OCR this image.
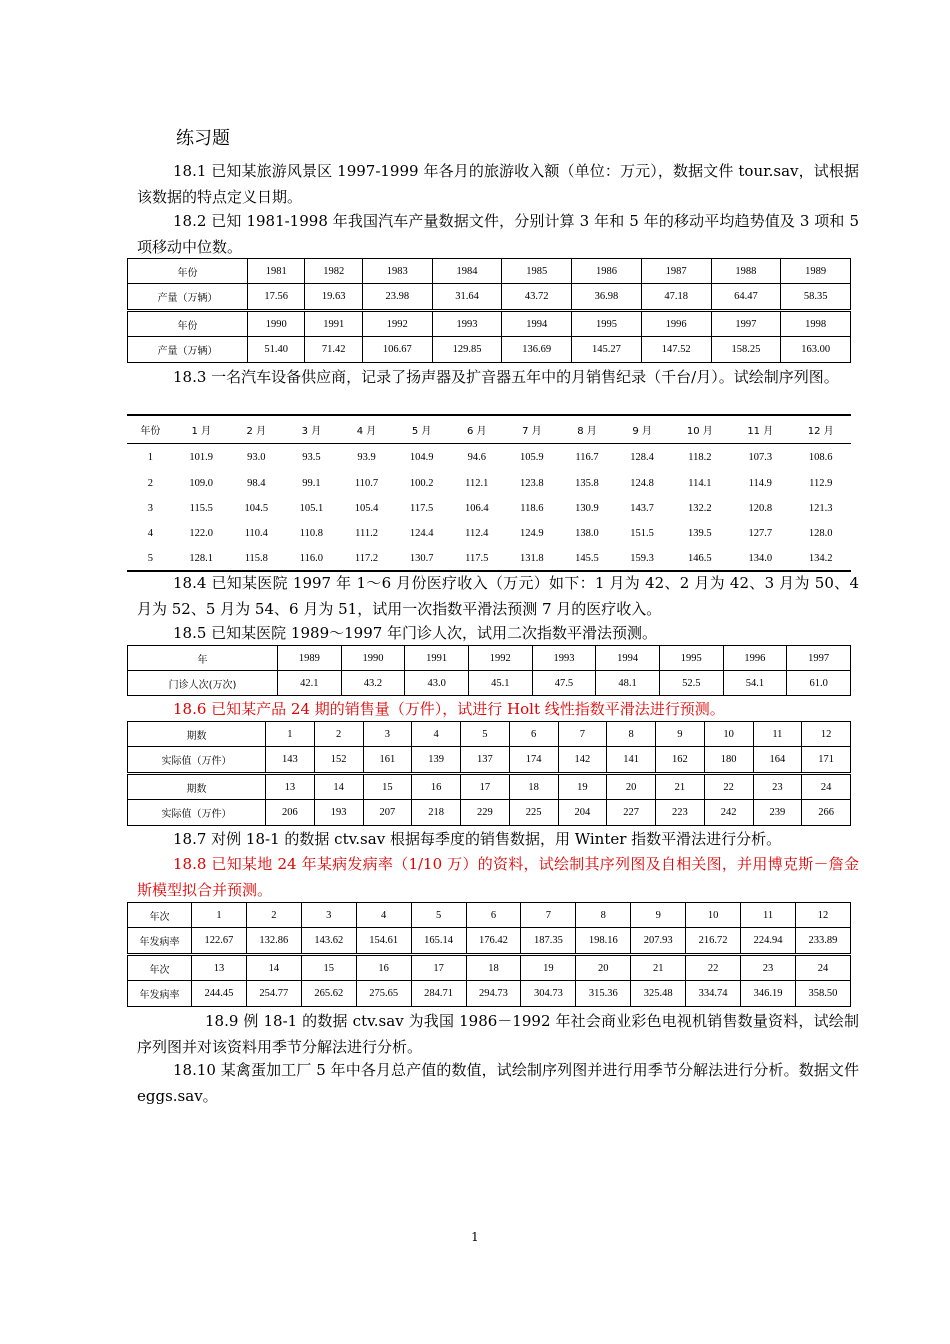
练习题

18.1 已知某旅游风景区 1997-1999 年各月的旅游收入额（单位：万元），数据文件 tour.sav，试根据该数据的特点定义日期。

18.2 已知 1981-1998 年我国汽车产量数据文件，分别计算 3 年和 5 年的移动平均趋势值及 3 项和 5 项移动中位数。

年份	1981	1982	1983	1984	1985	1986	1987	1988	1989
产量（万辆）	17.56	19.63	23.98	31.64	43.72	36.98	47.18	64.47	58.35
年份	1990	1991	1992	1993	1994	1995	1996	1997	1998
产量（万辆）	51.40	71.42	106.67	129.85	136.69	145.27	147.52	158.25	163.00

18.3 一名汽车设备供应商，记录了扬声器及扩音器五年中的月销售纪录（千台/月）。试绘制序列图。

年份	1 月	2 月	3 月	4 月	5 月	6 月	7 月	8 月	9 月	10 月	11 月	12 月
1	101.9	93.0	93.5	93.9	104.9	94.6	105.9	116.7	128.4	118.2	107.3	108.6
2	109.0	98.4	99.1	110.7	100.2	112.1	123.8	135.8	124.8	114.1	114.9	112.9
3	115.5	104.5	105.1	105.4	117.5	106.4	118.6	130.9	143.7	132.2	120.8	121.3
4	122.0	110.4	110.8	111.2	124.4	112.4	124.9	138.0	151.5	139.5	127.7	128.0
5	128.1	115.8	116.0	117.2	130.7	117.5	131.8	145.5	159.3	146.5	134.0	134.2

18.4 已知某医院 1997 年 1～6 月份医疗收入（万元）如下：1 月为 42、2 月为 42、3 月为 50、4 月为 52、5 月为 54、6 月为 51，试用一次指数平滑法预测 7 月的医疗收入。

18.5 已知某医院 1989～1997 年门诊人次，试用二次指数平滑法预测。

年	1989	1990	1991	1992	1993	1994	1995	1996	1997
门诊人次(万次)	42.1	43.2	43.0	45.1	47.5	48.1	52.5	54.1	61.0

18.6 已知某产品 24 期的销售量（万件），试进行 Holt 线性指数平滑法进行预测。

期数	1	2	3	4	5	6	7	8	9	10	11	12
实际值（万件）	143	152	161	139	137	174	142	141	162	180	164	171
期数	13	14	15	16	17	18	19	20	21	22	23	24
实际值（万件）	206	193	207	218	229	225	204	227	223	242	239	266

18.7 对例 18-1 的数据 ctv.sav 根据每季度的销售数据，用 Winter 指数平滑法进行分析。

18.8 已知某地 24 年某病发病率（1/10 万）的资料，试绘制其序列图及自相关图，并用博克斯－詹金斯模型拟合并预测。

年次	1	2	3	4	5	6	7	8	9	10	11	12
年发病率	122.67	132.86	143.62	154.61	165.14	176.42	187.35	198.16	207.93	216.72	224.94	233.89
年次	13	14	15	16	17	18	19	20	21	22	23	24
年发病率	244.45	254.77	265.62	275.65	284.71	294.73	304.73	315.36	325.48	334.74	346.19	358.50

18.9 例 18-1 的数据 ctv.sav 为我国 1986－1992 年社会商业彩色电视机销售数量资料，试绘制序列图并对该资料用季节分解法进行分析。

18.10 某禽蛋加工厂 5 年中各月总产值的数值，试绘制序列图并进行用季节分解法进行分析。数据文件 eggs.sav。

1
